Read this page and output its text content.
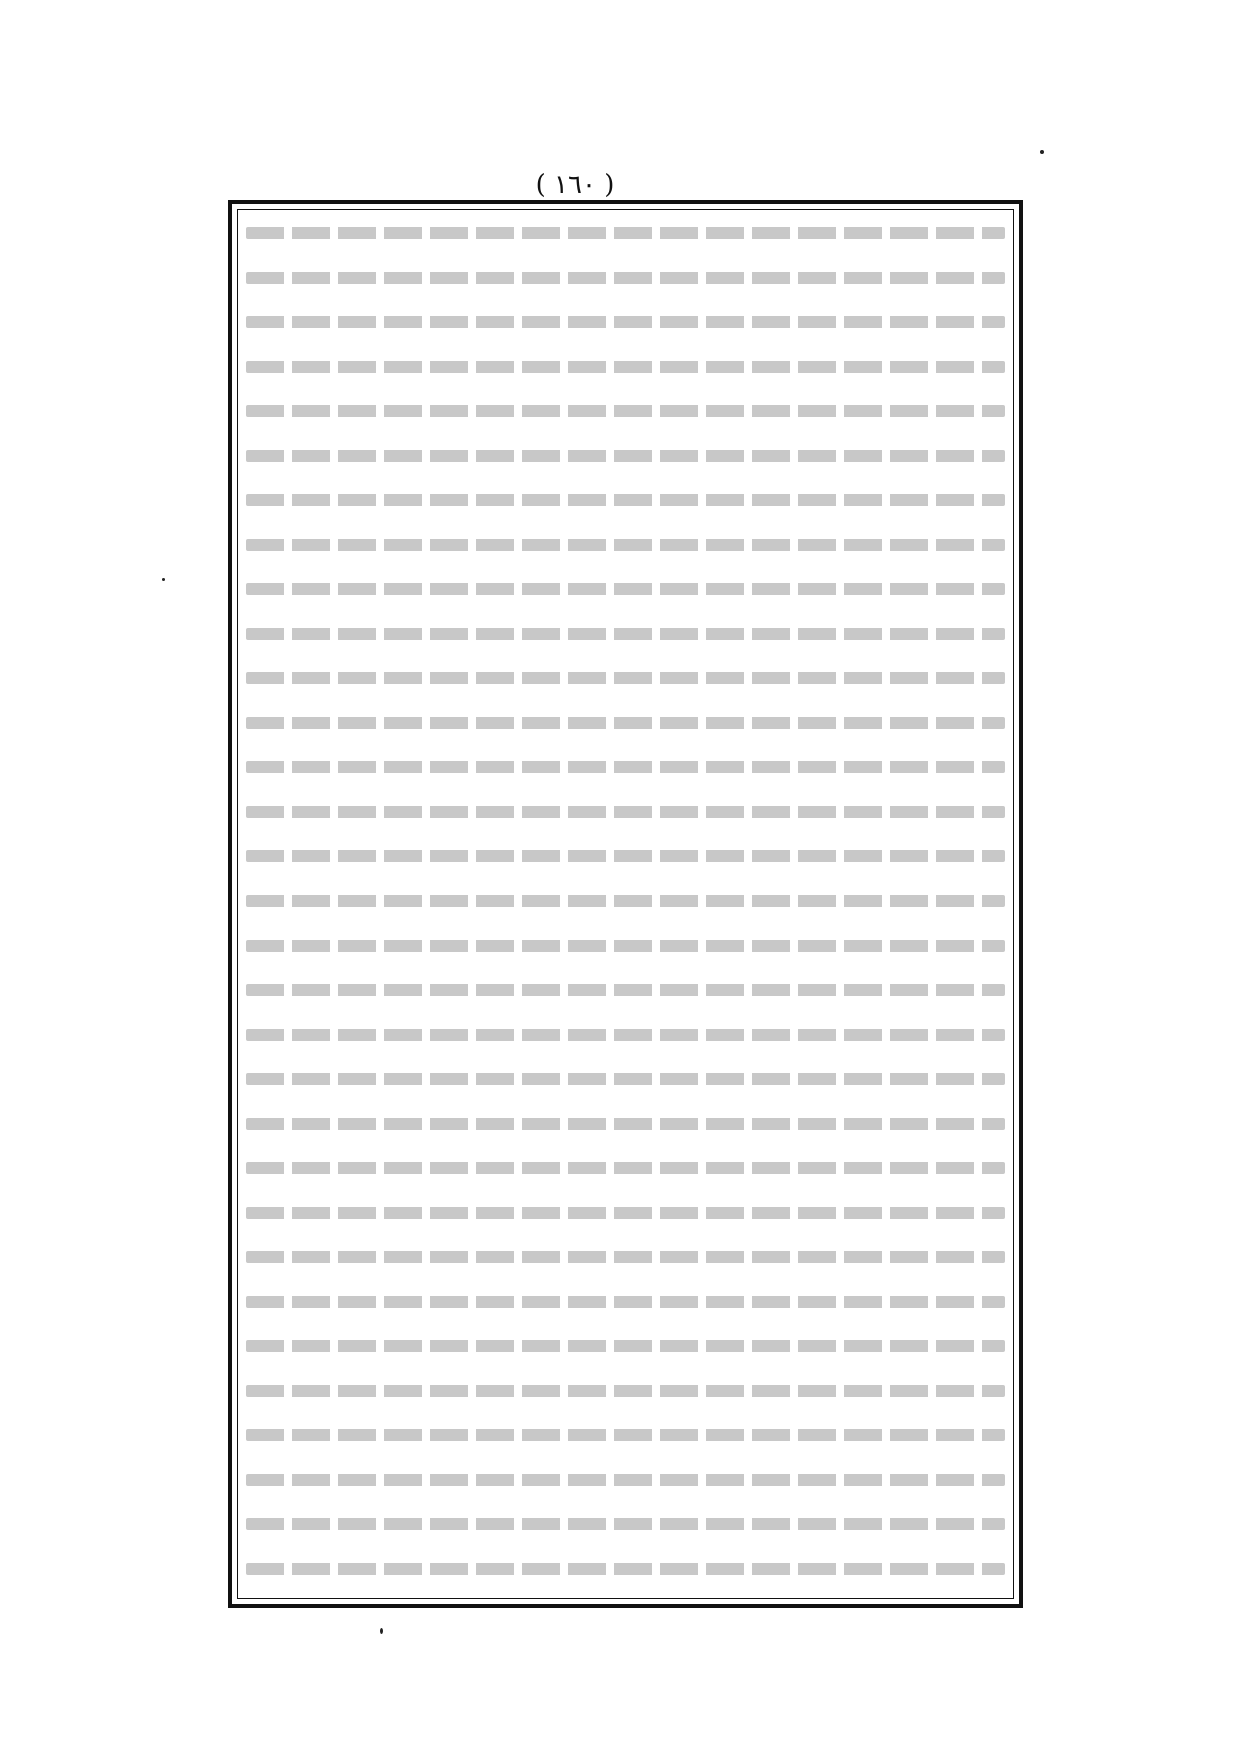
( ١٦٠ )
